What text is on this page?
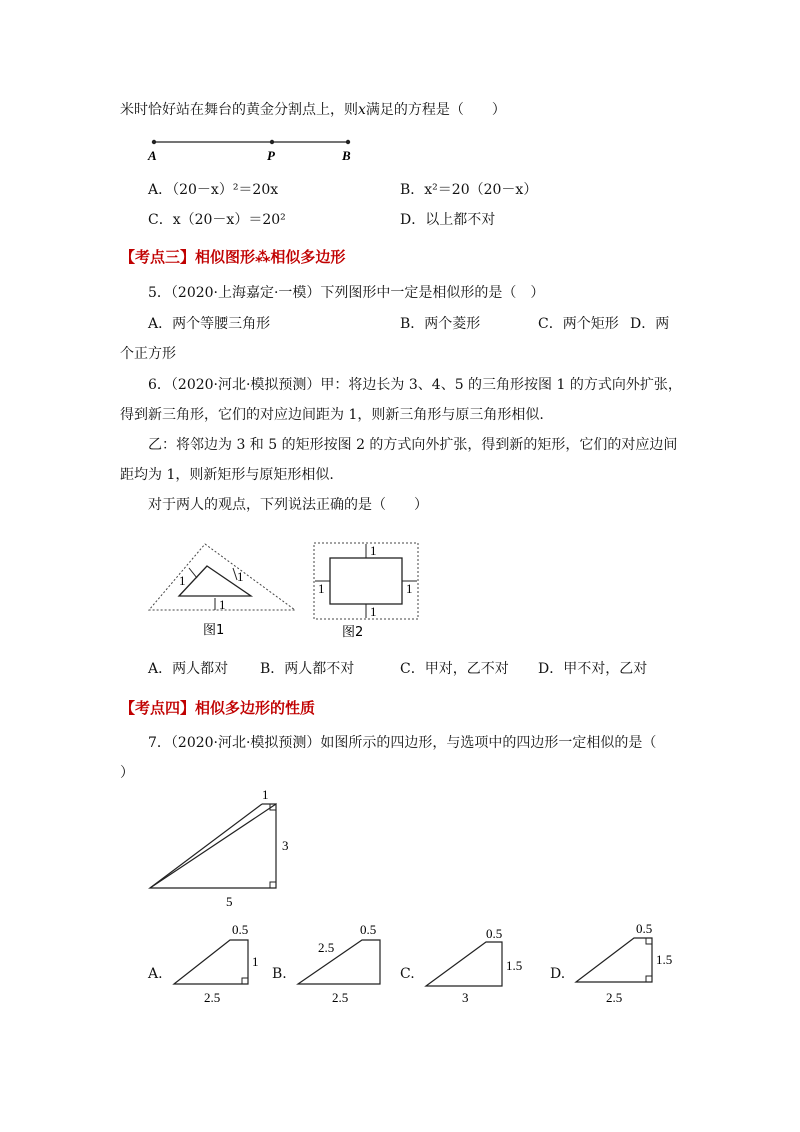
米时恰好站在舞台的黄金分割点上，则x满足的方程是（　　）
A	P	B
A．（20－x）²＝20x	B．x²＝20（20－x）
C．x（20－x）＝20²	D．以上都不对
【考点三】相似图形⁂相似多边形
5．（2020·上海嘉定·一模）下列图形中一定是相似形的是（　）
A．两个等腰三角形	B．两个菱形	C．两个矩形 D．两
个正方形
6．（2020·河北·模拟预测）甲：将边长为 3、4、5 的三角形按图 1 的方式向外扩张，
得到新三角形，它们的对应边间距为 1，则新三角形与原三角形相似.
乙：将邻边为 3 和 5 的矩形按图 2 的方式向外扩张，得到新的矩形，它们的对应边间
距均为 1，则新矩形与原矩形相似.
对于两人的观点，下列说法正确的是（　　）
1	1
1
图1
1
1	1
1
图2
A．两人都对 B．两人都不对	C．甲对，乙不对 D．甲不对，乙对
【考点四】相似多边形的性质
7．（2020·河北·模拟预测）如图所示的四边形，与选项中的四边形一定相似的是（
）
1
3
5
A.
0.5
1
2.5
B.
0.5
2.5
2.5
C.
0.5
1.5
3
D.
0.5
1.5
2.5
